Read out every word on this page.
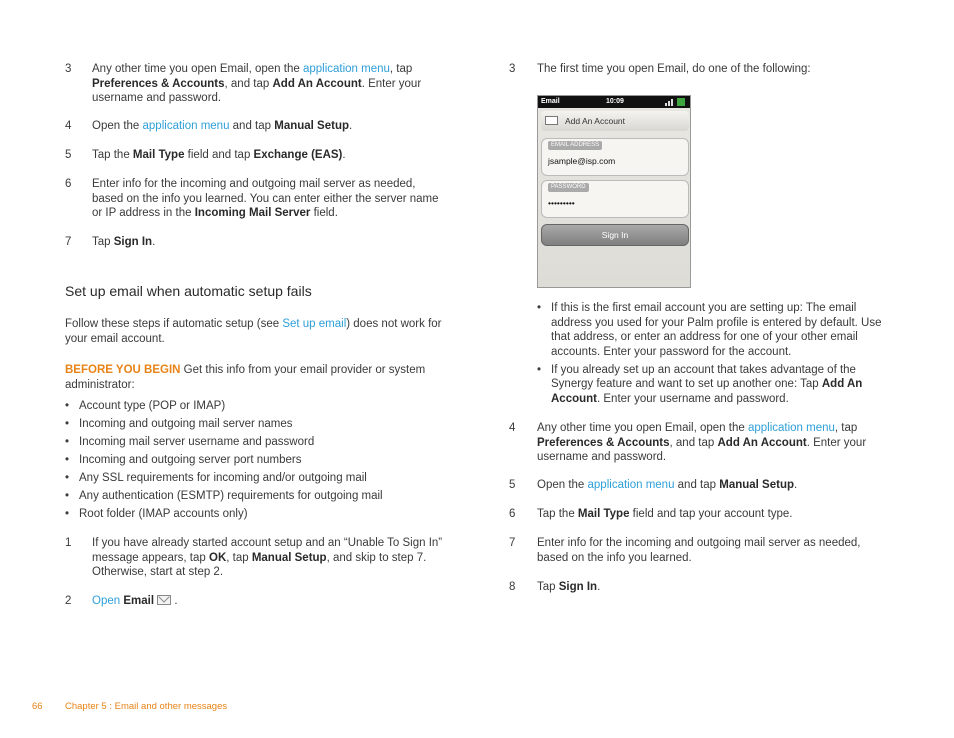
3 Any other time you open Email, open the application menu, tap Preferences & Accounts, and tap Add An Account. Enter your username and password.
4 Open the application menu and tap Manual Setup.
5 Tap the Mail Type field and tap Exchange (EAS).
6 Enter info for the incoming and outgoing mail server as needed, based on the info you learned. You can enter either the server name or IP address in the Incoming Mail Server field.
7 Tap Sign In.
Set up email when automatic setup fails
Follow these steps if automatic setup (see Set up email) does not work for your email account.
BEFORE YOU BEGIN Get this info from your email provider or system administrator:
• Account type (POP or IMAP)
• Incoming and outgoing mail server names
• Incoming mail server username and password
• Incoming and outgoing server port numbers
• Any SSL requirements for incoming and/or outgoing mail
• Any authentication (ESMTP) requirements for outgoing mail
• Root folder (IMAP accounts only)
1 If you have already started account setup and an “Unable To Sign In” message appears, tap OK, tap Manual Setup, and skip to step 7. Otherwise, start at step 2.
2 Open Email  .
3 The first time you open Email, do one of the following:
Email	10:09
Add An Account
EMAIL ADDRESS
jsample@isp.com
PASSWORD
•••••••••
Sign In
• If this is the first email account you are setting up: The email address you used for your Palm profile is entered by default. Use that address, or enter an address for one of your other email accounts. Enter your password for the account.
• If you already set up an account that takes advantage of the Synergy feature and want to set up another one: Tap Add An Account. Enter your username and password.
4 Any other time you open Email, open the application menu, tap Preferences & Accounts, and tap Add An Account. Enter your username and password.
5 Open the application menu and tap Manual Setup.
6 Tap the Mail Type field and tap your account type.
7 Enter info for the incoming and outgoing mail server as needed, based on the info you learned.
8 Tap Sign In.
66 Chapter 5 : Email and other messages
